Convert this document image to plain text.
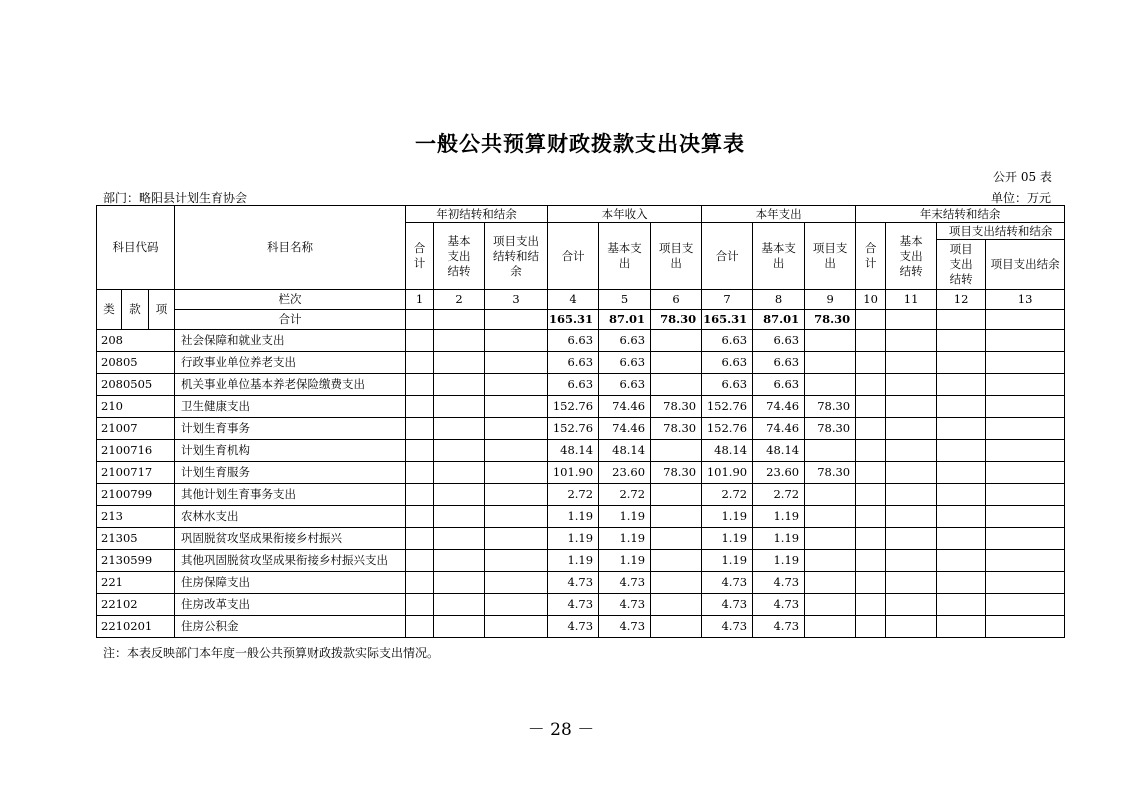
一般公共预算财政拨款支出决算表
公开 05 表
部门：略阳县计划生育协会	单位：万元
科目代码			科目名称	年初结转和结余			本年收入			本年支出			年末结转和结余			
				合计	基本支出结转	项目支出结转和结余	合计	基本支出	项目支出	合计	基本支出	项目支出	合计	基本支出结转	项目支出结转和结余	
															项目支出结转	项目支出结余
类	款	项	栏次	1	2	3	4	5	6	7	8	9	10	11	12	13
			合计				165.31	87.01	78.30	165.31	87.01	78.30				
208			社会保障和就业支出				6.63	6.63		6.63	6.63					
20805			行政事业单位养老支出				6.63	6.63		6.63	6.63					
2080505			机关事业单位基本养老保险缴费支出				6.63	6.63		6.63	6.63					
210			卫生健康支出				152.76	74.46	78.30	152.76	74.46	78.30				
21007			计划生育事务				152.76	74.46	78.30	152.76	74.46	78.30				
2100716			计划生育机构				48.14	48.14		48.14	48.14					
2100717			计划生育服务				101.90	23.60	78.30	101.90	23.60	78.30				
2100799			其他计划生育事务支出				2.72	2.72		2.72	2.72					
213			农林水支出				1.19	1.19		1.19	1.19					
21305			巩固脱贫攻坚成果衔接乡村振兴				1.19	1.19		1.19	1.19					
2130599			其他巩固脱贫攻坚成果衔接乡村振兴支出				1.19	1.19		1.19	1.19					
221			住房保障支出				4.73	4.73		4.73	4.73					
22102			住房改革支出				4.73	4.73		4.73	4.73					
2210201			住房公积金				4.73	4.73		4.73	4.73					
注：本表反映部门本年度一般公共预算财政拨款实际支出情况。
－ 28 －
